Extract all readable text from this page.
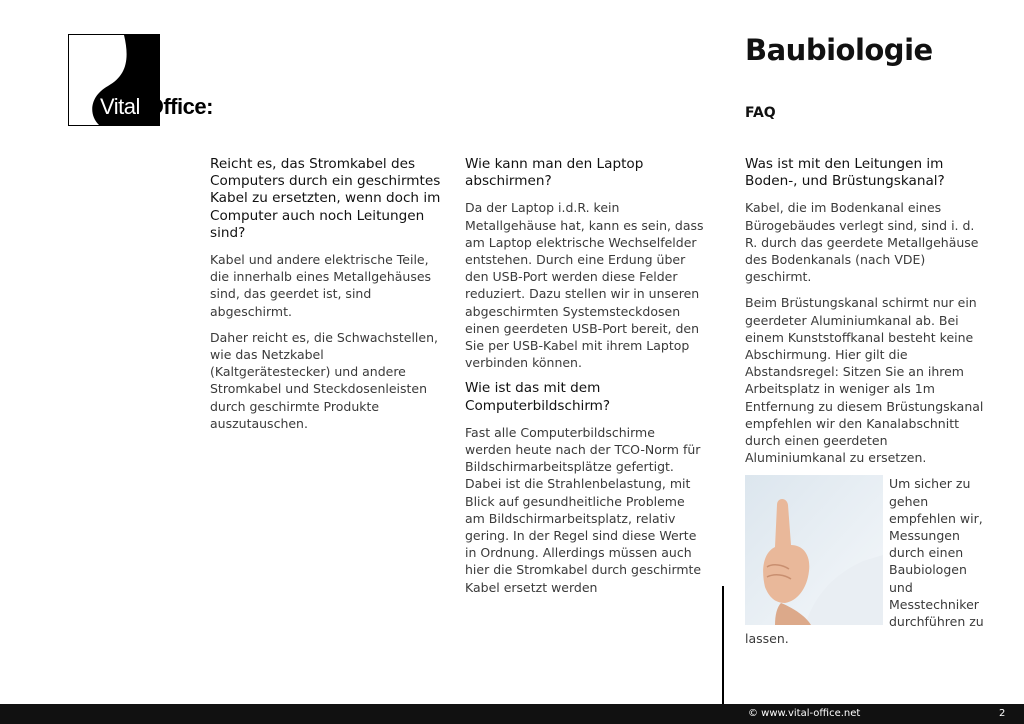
Vital-Office:
Baubiologie
FAQ
Reicht es, das Stromkabel des Computers durch ein geschirmtes Kabel zu ersetzten, wenn doch im Computer auch noch Leitungen sind?

Kabel und andere elektrische Teile, die innerhalb eines Metallgehäuses sind, das geerdet ist, sind abgeschirmt.

Daher reicht es, die Schwachstellen, wie das Netzkabel (Kaltgerätestecker) und andere Stromkabel und Steckdosenleisten durch geschirmte Produkte auszutauschen.

Wie kann man den Laptop abschirmen?

Da der Laptop i.d.R. kein Metallgehäuse hat, kann es sein, dass am Laptop elektrische Wechselfelder entstehen. Durch eine Erdung über den USB-Port werden diese Felder reduziert. Dazu stellen wir in unseren abgeschirmten Systemsteckdosen einen geerdeten USB-Port bereit, den Sie per USB-Kabel mit ihrem Laptop verbinden können.

Wie ist das mit dem Computerbildschirm?

Fast alle Computerbildschirme werden heute nach der TCO-Norm für Bildschirmarbeitsplätze gefertigt. Dabei ist die Strahlenbelastung, mit Blick auf gesundheitliche Probleme am Bildschirmarbeitsplatz, relativ gering. In der Regel sind diese Werte in Ordnung. Allerdings müssen auch hier die Stromkabel durch geschirmte Kabel ersetzt werden

Was ist mit den Leitungen im Boden-, und Brüstungskanal?

Kabel, die im Bodenkanal eines Bürogebäudes verlegt sind, sind i. d. R. durch das geerdete Metallgehäuse des Bodenkanals (nach VDE) geschirmt.

Beim Brüstungskanal schirmt nur ein geerdeter Aluminiumkanal ab. Bei einem Kunststoffkanal besteht keine Abschirmung. Hier gilt die Abstandsregel: Sitzen Sie an ihrem Arbeitsplatz in weniger als 1m Entfernung zu diesem Brüstungskanal empfehlen wir den Kanalabschnitt durch einen geerdeten Aluminiumkanal zu ersetzen.

Um sicher zu gehen empfehlen wir, Messungen durch einen Baubiologen und Messtechniker durchführen zu lassen.

© www.vital-office.net	2
